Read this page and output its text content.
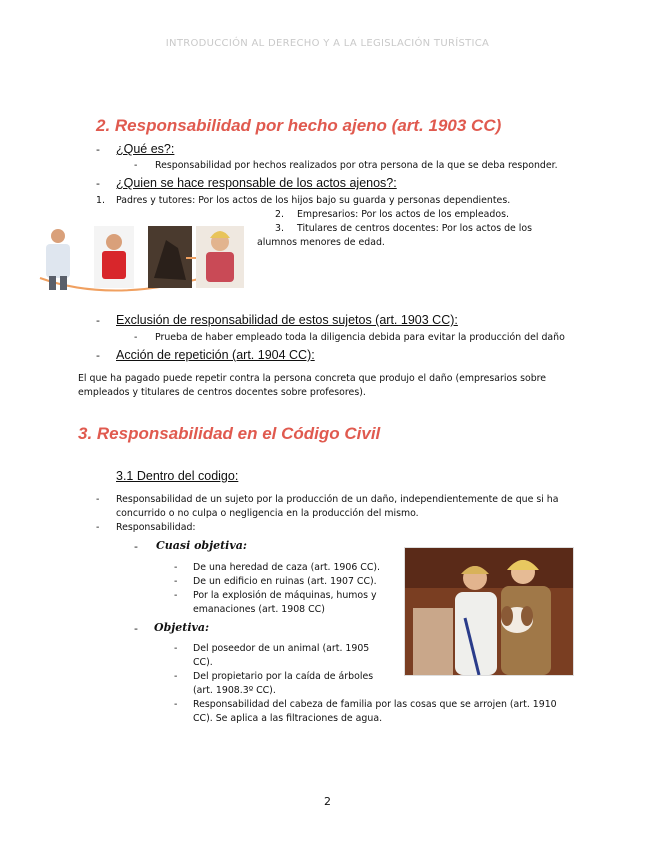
INTRODUCCIÓN AL DERECHO Y A LA LEGISLACIÓN TURÍSTICA
2. Responsabilidad por hecho ajeno (art. 1903 CC)
- ¿Qué es?:
- Responsabilidad por hechos realizados por otra persona de la que se deba responder.
- ¿Quien se hace responsable de los actos ajenos?:
1. Padres y tutores: Por los actos de los hijos bajo su guarda y personas dependientes.
2. Empresarios: Por los actos de los empleados.
3. Titulares de centros docentes: Por los actos de los
alumnos menores de edad.
- Exclusión de responsabilidad de estos sujetos (art. 1903 CC):
- Prueba de haber empleado toda la diligencia debida para evitar la producción del daño
- Acción de repetición (art. 1904 CC):
El que ha pagado puede repetir contra la persona concreta que produjo el daño (empresarios sobre
empleados y titulares de centros docentes sobre profesores).
3. Responsabilidad en el Código Civil
3.1 Dentro del codigo:
- Responsabilidad de un sujeto por la producción de un daño, independientemente de que si ha
concurrido o no culpa o negligencia en la producción del mismo.
- Responsabilidad:
- Cuasi objetiva:
- De una heredad de caza (art. 1906 CC).
- De un edificio en ruinas (art. 1907 CC).
- Por la explosión de máquinas, humos y
emanaciones (art. 1908 CC)
- Objetiva:
- Del poseedor de un animal (art. 1905
CC).
- Del propietario por la caída de árboles
(art. 1908.3º CC).
- Responsabilidad del cabeza de familia por las cosas que se arrojen (art. 1910
CC). Se aplica a las filtraciones de agua.
2
